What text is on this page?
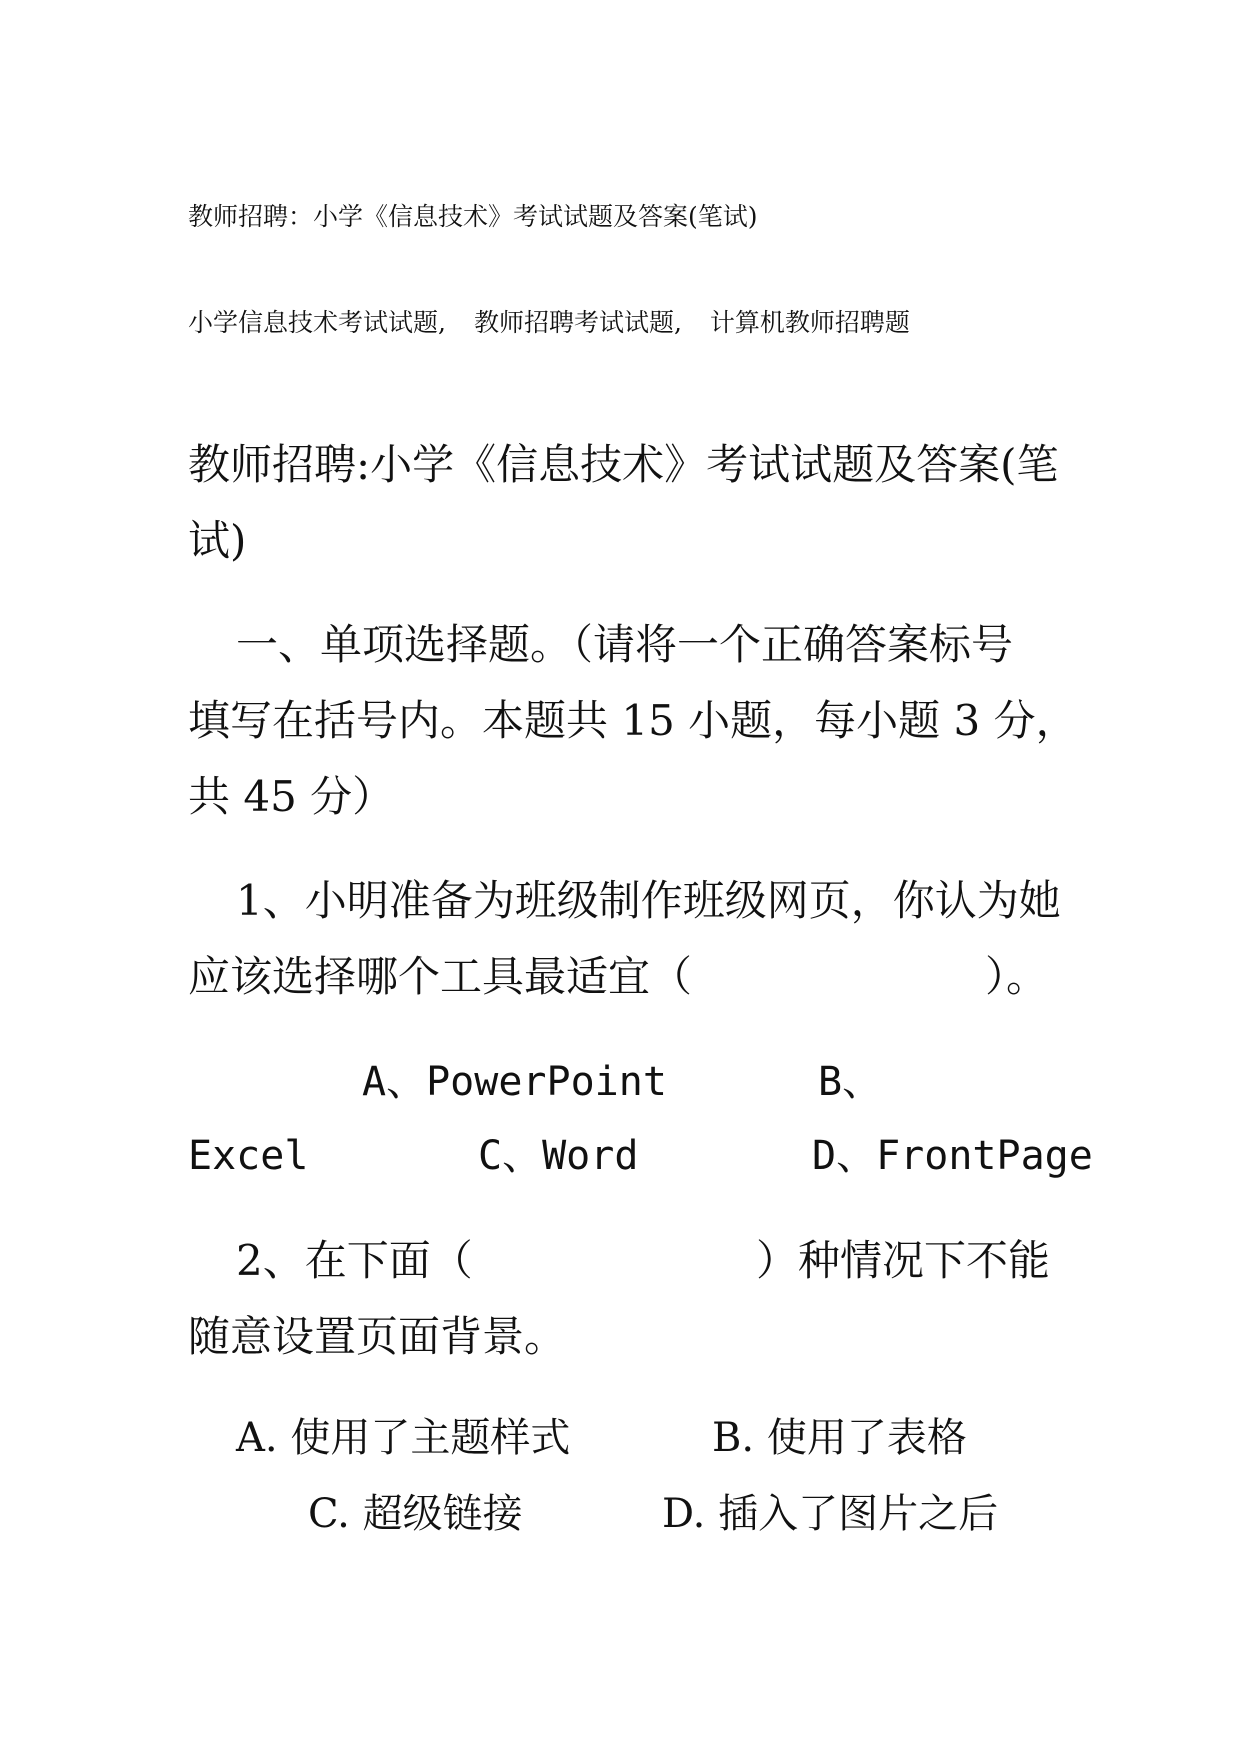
教师招聘：小学《信息技术》考试试题及答案(笔试)
小学信息技术考试试题, 教师招聘考试试题, 计算机教师招聘题
教师招聘:小学《信息技术》考试试题及答案(笔
试)
一、单项选择题。（请将一个正确答案标号
填写在括号内。本题共 15 小题，每小题 3 分，
共 45 分）
1、小明准备为班级制作班级网页，你认为她
应该选择哪个工具最适宜（	）。
A、PowerPoint	B、
Excel	C、Word	D、FrontPage
2、在下面（	）种情况下不能
随意设置页面背景。
A. 使用了主题样式	B. 使用了表格
C. 超级链接	D. 插入了图片之后
